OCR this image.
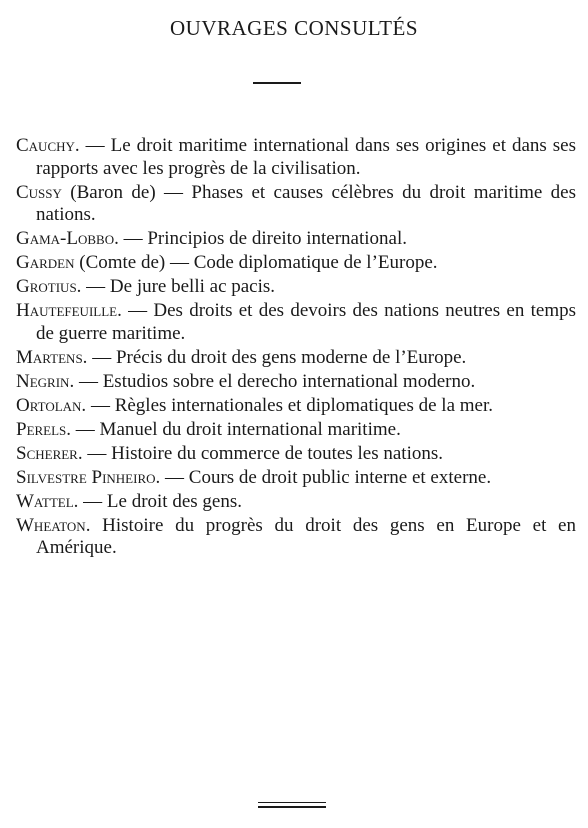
OUVRAGES CONSULTÉS
Cauchy. — Le droit maritime international dans ses origines et dans ses rapports avec les progrès de la civilisation.
Cussy (Baron de) — Phases et causes célèbres du droit maritime des nations.
Gama-Lobbo. — Principios de direito international.
Garden (Comte de) — Code diplomatique de l’Europe.
Grotius. — De jure belli ac pacis.
Hautefeuille. — Des droits et des devoirs des nations neutres en temps de guerre maritime.
Martens. — Précis du droit des gens moderne de l’Europe.
Negrin. — Estudios sobre el derecho international moderno.
Ortolan. — Règles internationales et diplomatiques de la mer.
Perels. — Manuel du droit international maritime.
Scherer. — Histoire du commerce de toutes les nations.
Silvestre Pinheiro. — Cours de droit public interne et externe.
Wattel. — Le droit des gens.
Wheaton. Histoire du progrès du droit des gens en Europe et en Amérique.
